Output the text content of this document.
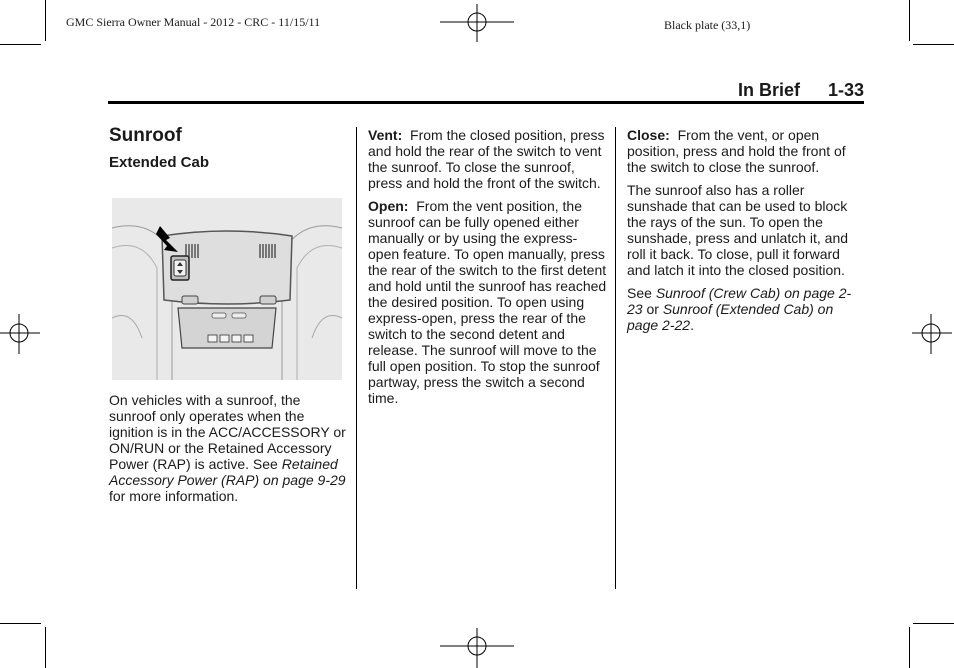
GMC Sierra Owner Manual - 2012 - CRC - 11/15/11	Black plate (33,1)
In Brief 1-33
Sunroof
Extended Cab
On vehicles with a sunroof, the sunroof only operates when the ignition is in the ACC/ACCESSORY or ON/RUN or the Retained Accessory Power (RAP) is active. See Retained Accessory Power (RAP) on page 9-29 for more information.

Vent: From the closed position, press and hold the rear of the switch to vent the sunroof. To close the sunroof, press and hold the front of the switch.

Open: From the vent position, the sunroof can be fully opened either manually or by using the express-open feature. To open manually, press the rear of the switch to the first detent and hold until the sunroof has reached the desired position. To open using express-open, press the rear of the switch to the second detent and release. The sunroof will move to the full open position. To stop the sunroof partway, press the switch a second time.

Close: From the vent, or open position, press and hold the front of the switch to close the sunroof.

The sunroof also has a roller sunshade that can be used to block the rays of the sun. To open the sunshade, press and unlatch it, and roll it back. To close, pull it forward and latch it into the closed position.

See Sunroof (Crew Cab) on page 2-23 or Sunroof (Extended Cab) on page 2-22.
